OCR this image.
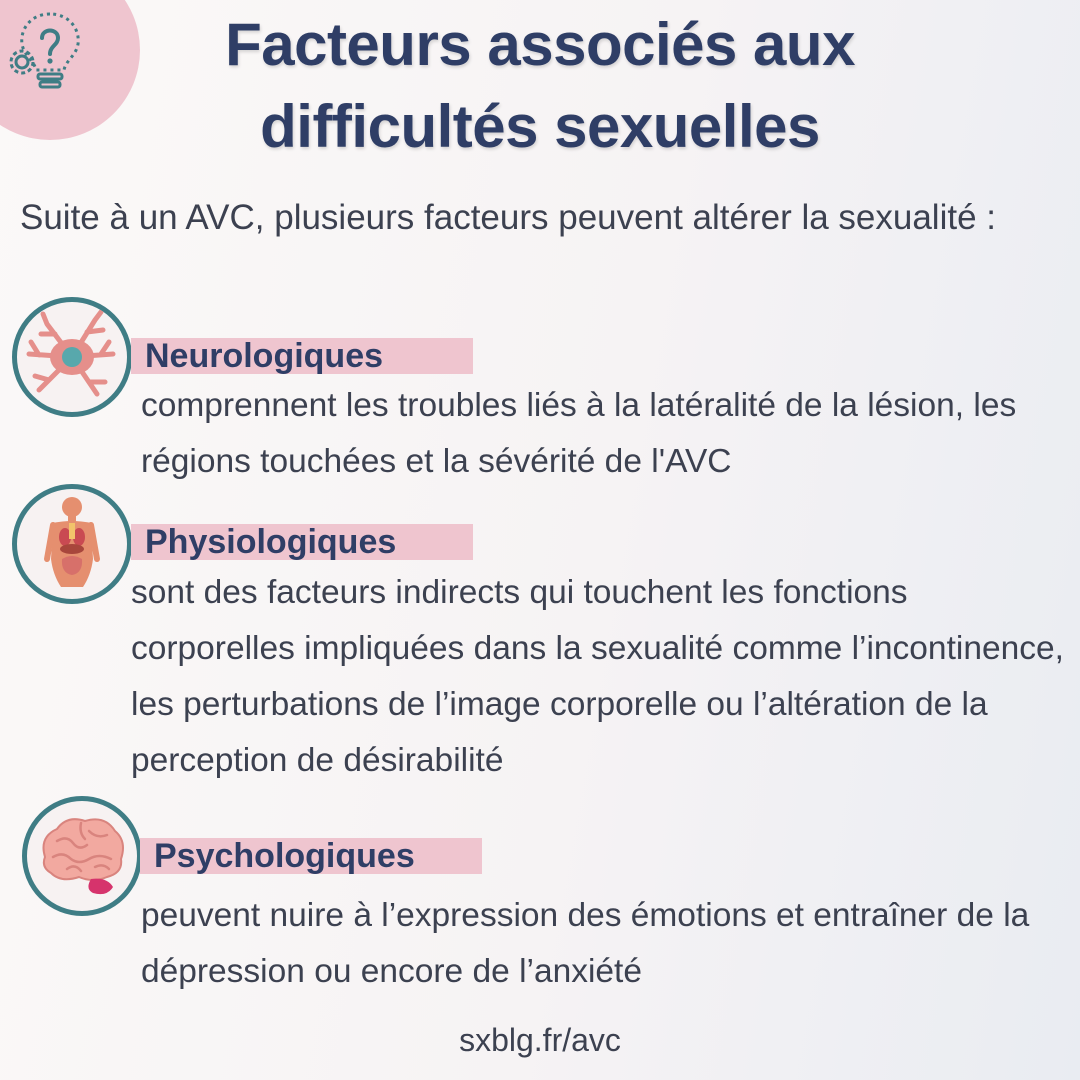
Facteurs associés aux difficultés sexuelles

Suite à un AVC, plusieurs facteurs peuvent altérer la sexualité :

Neurologiques

comprennent les troubles liés à la latéralité de la lésion, les régions touchées et la sévérité de l'AVC

Physiologiques

sont des facteurs indirects qui touchent les fonctions corporelles impliquées dans la sexualité comme l’incontinence, les perturbations de l’image corporelle ou l’altération de la perception de désirabilité

Psychologiques

peuvent nuire à l’expression des émotions et entraîner de la dépression ou encore de l’anxiété

sxblg.fr/avc
